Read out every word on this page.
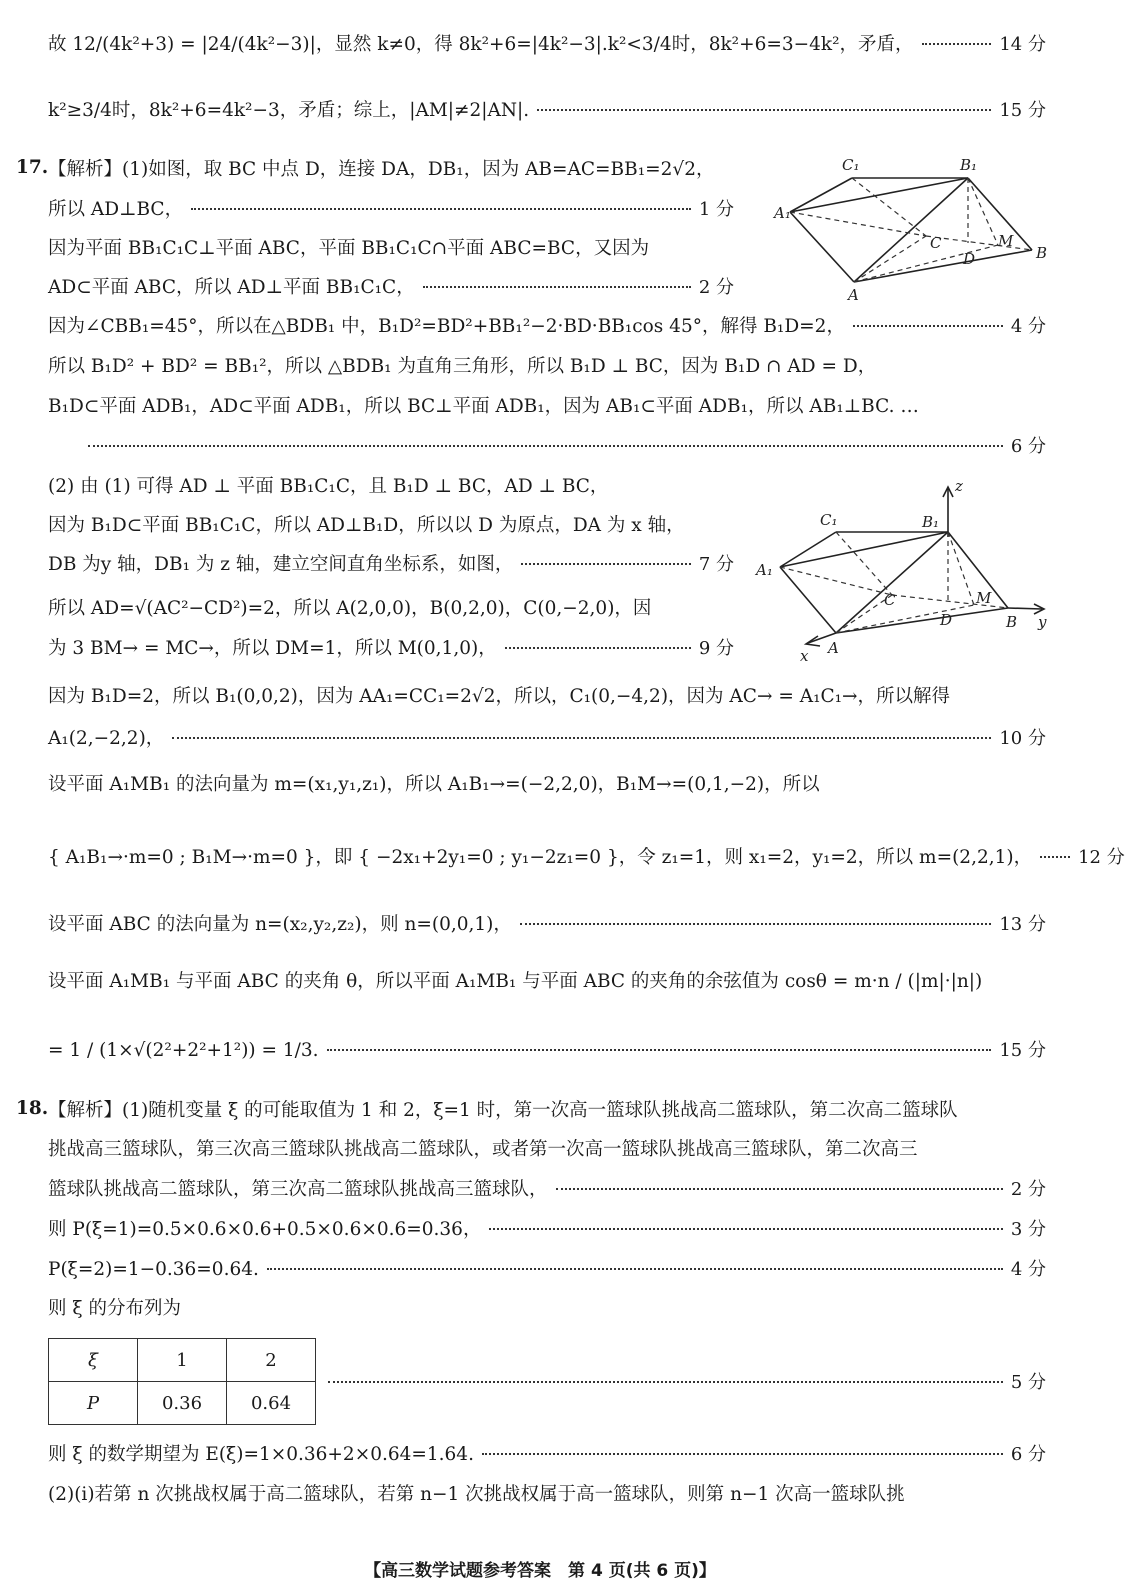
故 12/(4k²+3) = |24/(4k²−3)|，显然 k≠0，得 8k²+6=|4k²−3|.k²<3/4时，8k²+6=3−4k²，矛盾，	14 分
k²≥3/4时，8k²+6=4k²−3，矛盾；综上，|AM|≠2|AN|.	15 分
17. 【解析】(1)如图，取 BC 中点 D，连接 DA，DB₁，因为 AB=AC=BB₁=2√2，
所以 AD⊥BC，	1 分
因为平面 BB₁C₁C⊥平面 ABC，平面 BB₁C₁C∩平面 ABC=BC，又因为
AD⊂平面 ABC，所以 AD⊥平面 BB₁C₁C，	2 分
C₁	B₁
A₁
C	M
B
D
A
因为∠CBB₁=45°，所以在△BDB₁ 中，B₁D²=BD²+BB₁²−2·BD·BB₁cos 45°，解得 B₁D=2，	4 分
所以 B₁D² + BD² = BB₁²，所以 △BDB₁ 为直角三角形，所以 B₁D ⊥ BC，因为 B₁D ∩ AD = D，
B₁D⊂平面 ADB₁，AD⊂平面 ADB₁，所以 BC⊥平面 ADB₁，因为 AB₁⊂平面 ADB₁，所以 AB₁⊥BC. …
6 分
(2) 由 (1) 可得 AD ⊥ 平面 BB₁C₁C，且 B₁D ⊥ BC，AD ⊥ BC，
因为 B₁D⊂平面 BB₁C₁C，所以 AD⊥B₁D，所以以 D 为原点，DA 为 x 轴，
DB 为y 轴，DB₁ 为 z 轴，建立空间直角坐标系，如图，	7 分
所以 AD=√(AC²−CD²)=2，所以 A(2,0,0)，B(0,2,0)，C(0,−2,0)，因
为 3 BM→ = MC→，所以 DM=1，所以 M(0,1,0)，	9 分
z
C₁	B₁
A₁
C	M
D	B y
x A
因为 B₁D=2，所以 B₁(0,0,2)，因为 AA₁=CC₁=2√2，所以，C₁(0,−4,2)，因为 AC→ = A₁C₁→，所以解得
A₁(2,−2,2)，	10 分
设平面 A₁MB₁ 的法向量为 m=(x₁,y₁,z₁)，所以 A₁B₁→=(−2,2,0)，B₁M→=(0,1,−2)，所以
{ A₁B₁→·m=0 ; B₁M→·m=0 }，即 { −2x₁+2y₁=0 ; y₁−2z₁=0 }，令 z₁=1，则 x₁=2，y₁=2，所以 m=(2,2,1)，	12 分
设平面 ABC 的法向量为 n=(x₂,y₂,z₂)，则 n=(0,0,1)，	13 分
设平面 A₁MB₁ 与平面 ABC 的夹角 θ，所以平面 A₁MB₁ 与平面 ABC 的夹角的余弦值为 cosθ = m·n / (|m|·|n|)
= 1 / (1×√(2²+2²+1²)) = 1/3.	15 分
18. 【解析】(1)随机变量 ξ 的可能取值为 1 和 2，ξ=1 时，第一次高一篮球队挑战高二篮球队，第二次高二篮球队
挑战高三篮球队，第三次高三篮球队挑战高二篮球队，或者第一次高一篮球队挑战高三篮球队，第二次高三
篮球队挑战高二篮球队，第三次高二篮球队挑战高三篮球队，	2 分
则 P(ξ=1)=0.5×0.6×0.6+0.5×0.6×0.6=0.36，	3 分
P(ξ=2)=1−0.36=0.64.	4 分
则 ξ 的分布列为
ξ	1	2
P	0.36	0.64
5 分
则 ξ 的数学期望为 E(ξ)=1×0.36+2×0.64=1.64.	6 分
(2)(ⅰ)若第 n 次挑战权属于高二篮球队，若第 n−1 次挑战权属于高一篮球队，则第 n−1 次高一篮球队挑
【高三数学试题参考答案　第 4 页(共 6 页)】
